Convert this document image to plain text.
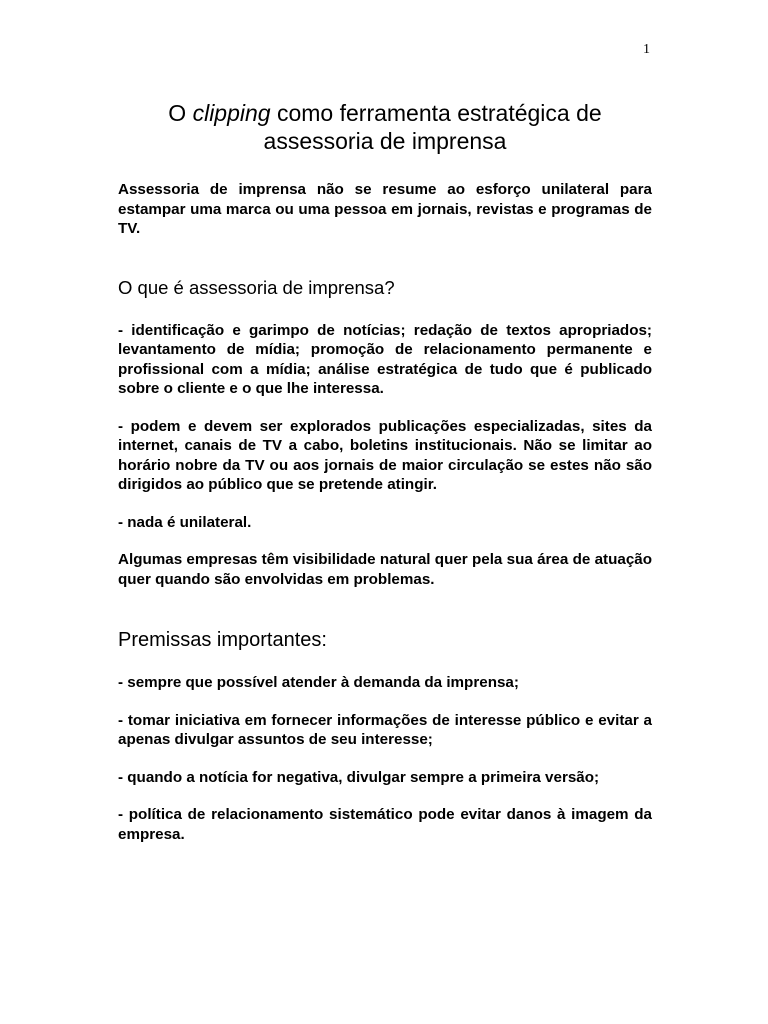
1
O clipping como ferramenta estratégica de
assessoria de imprensa

Assessoria de imprensa não se resume ao esforço unilateral para estampar uma marca ou uma pessoa em jornais, revistas e programas de TV.

O que é assessoria de imprensa?

- identificação e garimpo de notícias; redação de textos apropriados; levantamento de mídia; promoção de relacionamento permanente e profissional com a mídia; análise estratégica de tudo que é publicado sobre o cliente e o que lhe interessa.

- podem e devem ser explorados publicações especializadas, sites da internet, canais de TV a cabo, boletins institucionais. Não se limitar ao horário nobre da TV ou aos jornais de maior circulação se estes não são dirigidos ao público que se pretende atingir.

- nada é unilateral.

Algumas empresas têm visibilidade natural quer pela sua área de atuação quer quando são envolvidas em problemas.

Premissas importantes:

- sempre que possível atender à demanda da imprensa;

- tomar iniciativa em fornecer informações de interesse público e evitar a apenas divulgar assuntos de seu interesse;

- quando a notícia for negativa, divulgar sempre a primeira versão;

- política de relacionamento sistemático pode evitar danos à imagem da empresa.
